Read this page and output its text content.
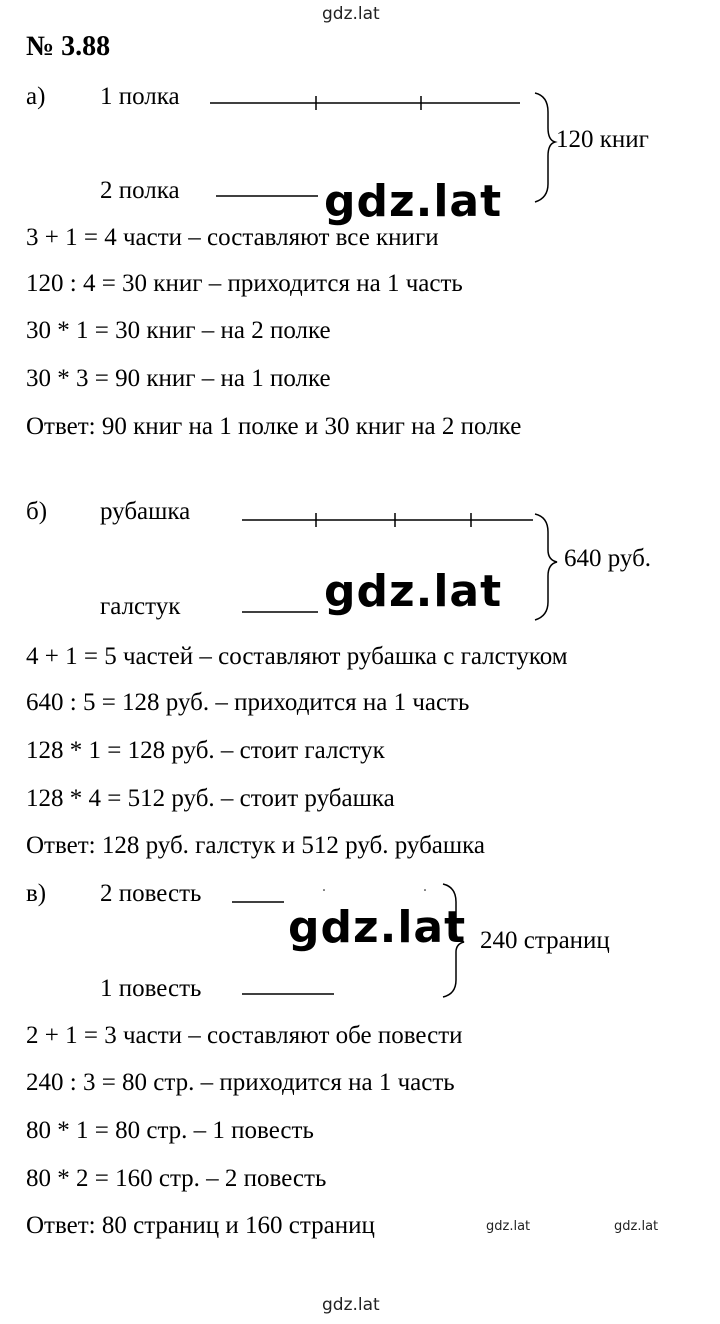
gdz.lat
№ 3.88
а) 1 полка
2 полка
120 книг
gdz.lat
3 + 1 = 4 части – составляют все книги
120 : 4 = 30 книг – приходится на 1 часть
30 * 1 = 30 книг – на 2 полке
30 * 3 = 90 книг – на 1 полке
Ответ: 90 книг на 1 полке и 30 книг на 2 полке
б) рубашка
галстук
640 руб.
gdz.lat
4 + 1 = 5 частей – составляют рубашка с галстуком
640 : 5 = 128 руб. – приходится на 1 часть
128 * 1 = 128 руб. – стоит галстук
128 * 4 = 512 руб. – стоит рубашка
Ответ: 128 руб. галстук и 512 руб. рубашка
в) 2 повесть
1 повесть
240 страниц
gdz.lat
2 + 1 = 3 части – составляют обе повести
240 : 3 = 80 стр. – приходится на 1 часть
80 * 1 = 80 стр. – 1 повесть
80 * 2 = 160 стр. – 2 повесть
Ответ: 80 страниц и 160 страниц	gdz.lat	gdz.lat
gdz.lat
